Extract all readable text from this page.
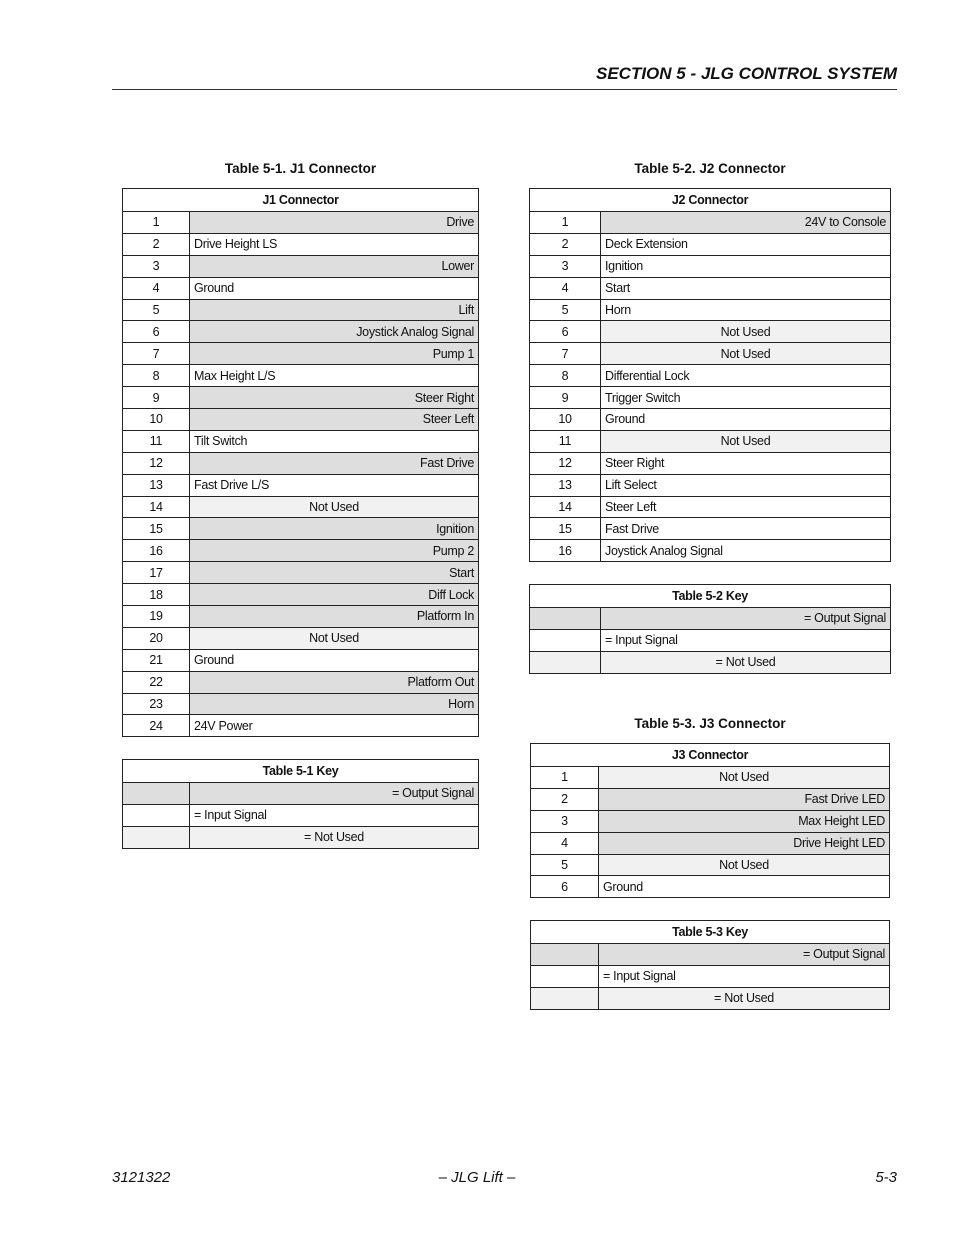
SECTION 5 - JLG CONTROL SYSTEM
Table 5-1. J1 Connector
J1 Connector	
1	Drive
2	Drive Height LS
3	Lower
4	Ground
5	Lift
6	Joystick Analog Signal
7	Pump 1
8	Max Height L/S
9	Steer Right
10	Steer Left
11	Tilt Switch
12	Fast Drive
13	Fast Drive L/S
14	Not Used
15	Ignition
16	Pump 2
17	Start
18	Diff Lock
19	Platform In
20	Not Used
21	Ground
22	Platform Out
23	Horn
24	24V Power
Table 5-1 Key	
	= Output Signal
	= Input Signal
	= Not Used
Table 5-2. J2 Connector
J2 Connector	
1	24V to Console
2	Deck Extension
3	Ignition
4	Start
5	Horn
6	Not Used
7	Not Used
8	Differential Lock
9	Trigger Switch
10	Ground
11	Not Used
12	Steer Right
13	Lift Select
14	Steer Left
15	Fast Drive
16	Joystick Analog Signal
Table 5-2 Key	
	= Output Signal
	= Input Signal
	= Not Used
Table 5-3. J3 Connector
J3 Connector	
1	Not Used
2	Fast Drive LED
3	Max Height LED
4	Drive Height LED
5	Not Used
6	Ground
Table 5-3 Key	
	= Output Signal
	= Input Signal
	= Not Used
3121322	– JLG Lift –	5-3
